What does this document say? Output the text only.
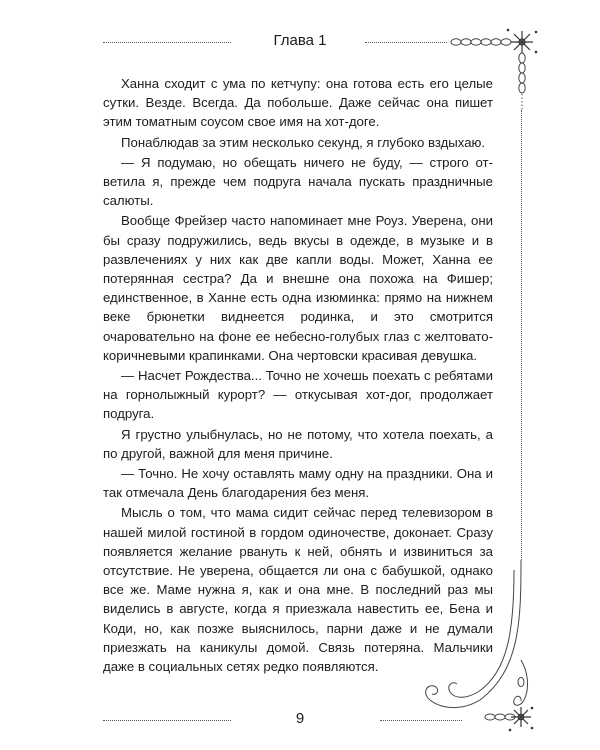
Глава 1

Ханна сходит с ума по кетчупу: она готова есть его целые сутки. Везде. Всегда. Да побольше. Даже сейчас она пишет этим томатным соусом свое имя на хот-доге.

Понаблюдав за этим несколько секунд, я глубоко вздыхаю.

— Я подумаю, но обещать ничего не буду, — строго ответила я, прежде чем подруга начала пускать праздничные салюты.

Вообще Фрейзер часто напоминает мне Роуз. Уверена, они бы сразу подружились, ведь вкусы в одежде, в музыке и в развлечениях у них как две капли воды. Может, Ханна ее потерянная сестра? Да и внешне она похожа на Фишер; единственное, в Ханне есть одна изюминка: прямо на нижнем веке брюнетки виднеется родинка, и это смотрится очаровательно на фоне ее небесно-голубых глаз с желтовато-коричневыми крапинками. Она чертовски красивая девушка.

— Насчет Рождества... Точно не хочешь поехать с ребятами на горнолыжный курорт? — откусывая хот-дог, продолжает подруга.

Я грустно улыбнулась, но не потому, что хотела поехать, а по другой, важной для меня причине.

— Точно. Не хочу оставлять маму одну на праздники. Она и так отмечала День благодарения без меня.

Мысль о том, что мама сидит сейчас перед телевизором в нашей милой гостиной в гордом одиночестве, доконает. Сразу появляется желание рвануть к ней, обнять и извиниться за отсутствие. Не уверена, общается ли она с бабушкой, однако все же. Маме нужна я, как и она мне. В последний раз мы виделись в августе, когда я приезжала навестить ее, Бена и Коди, но, как позже выяснилось, парни даже и не думали приезжать на каникулы домой. Связь потеряна. Мальчики даже в социальных сетях редко появляются.

9
